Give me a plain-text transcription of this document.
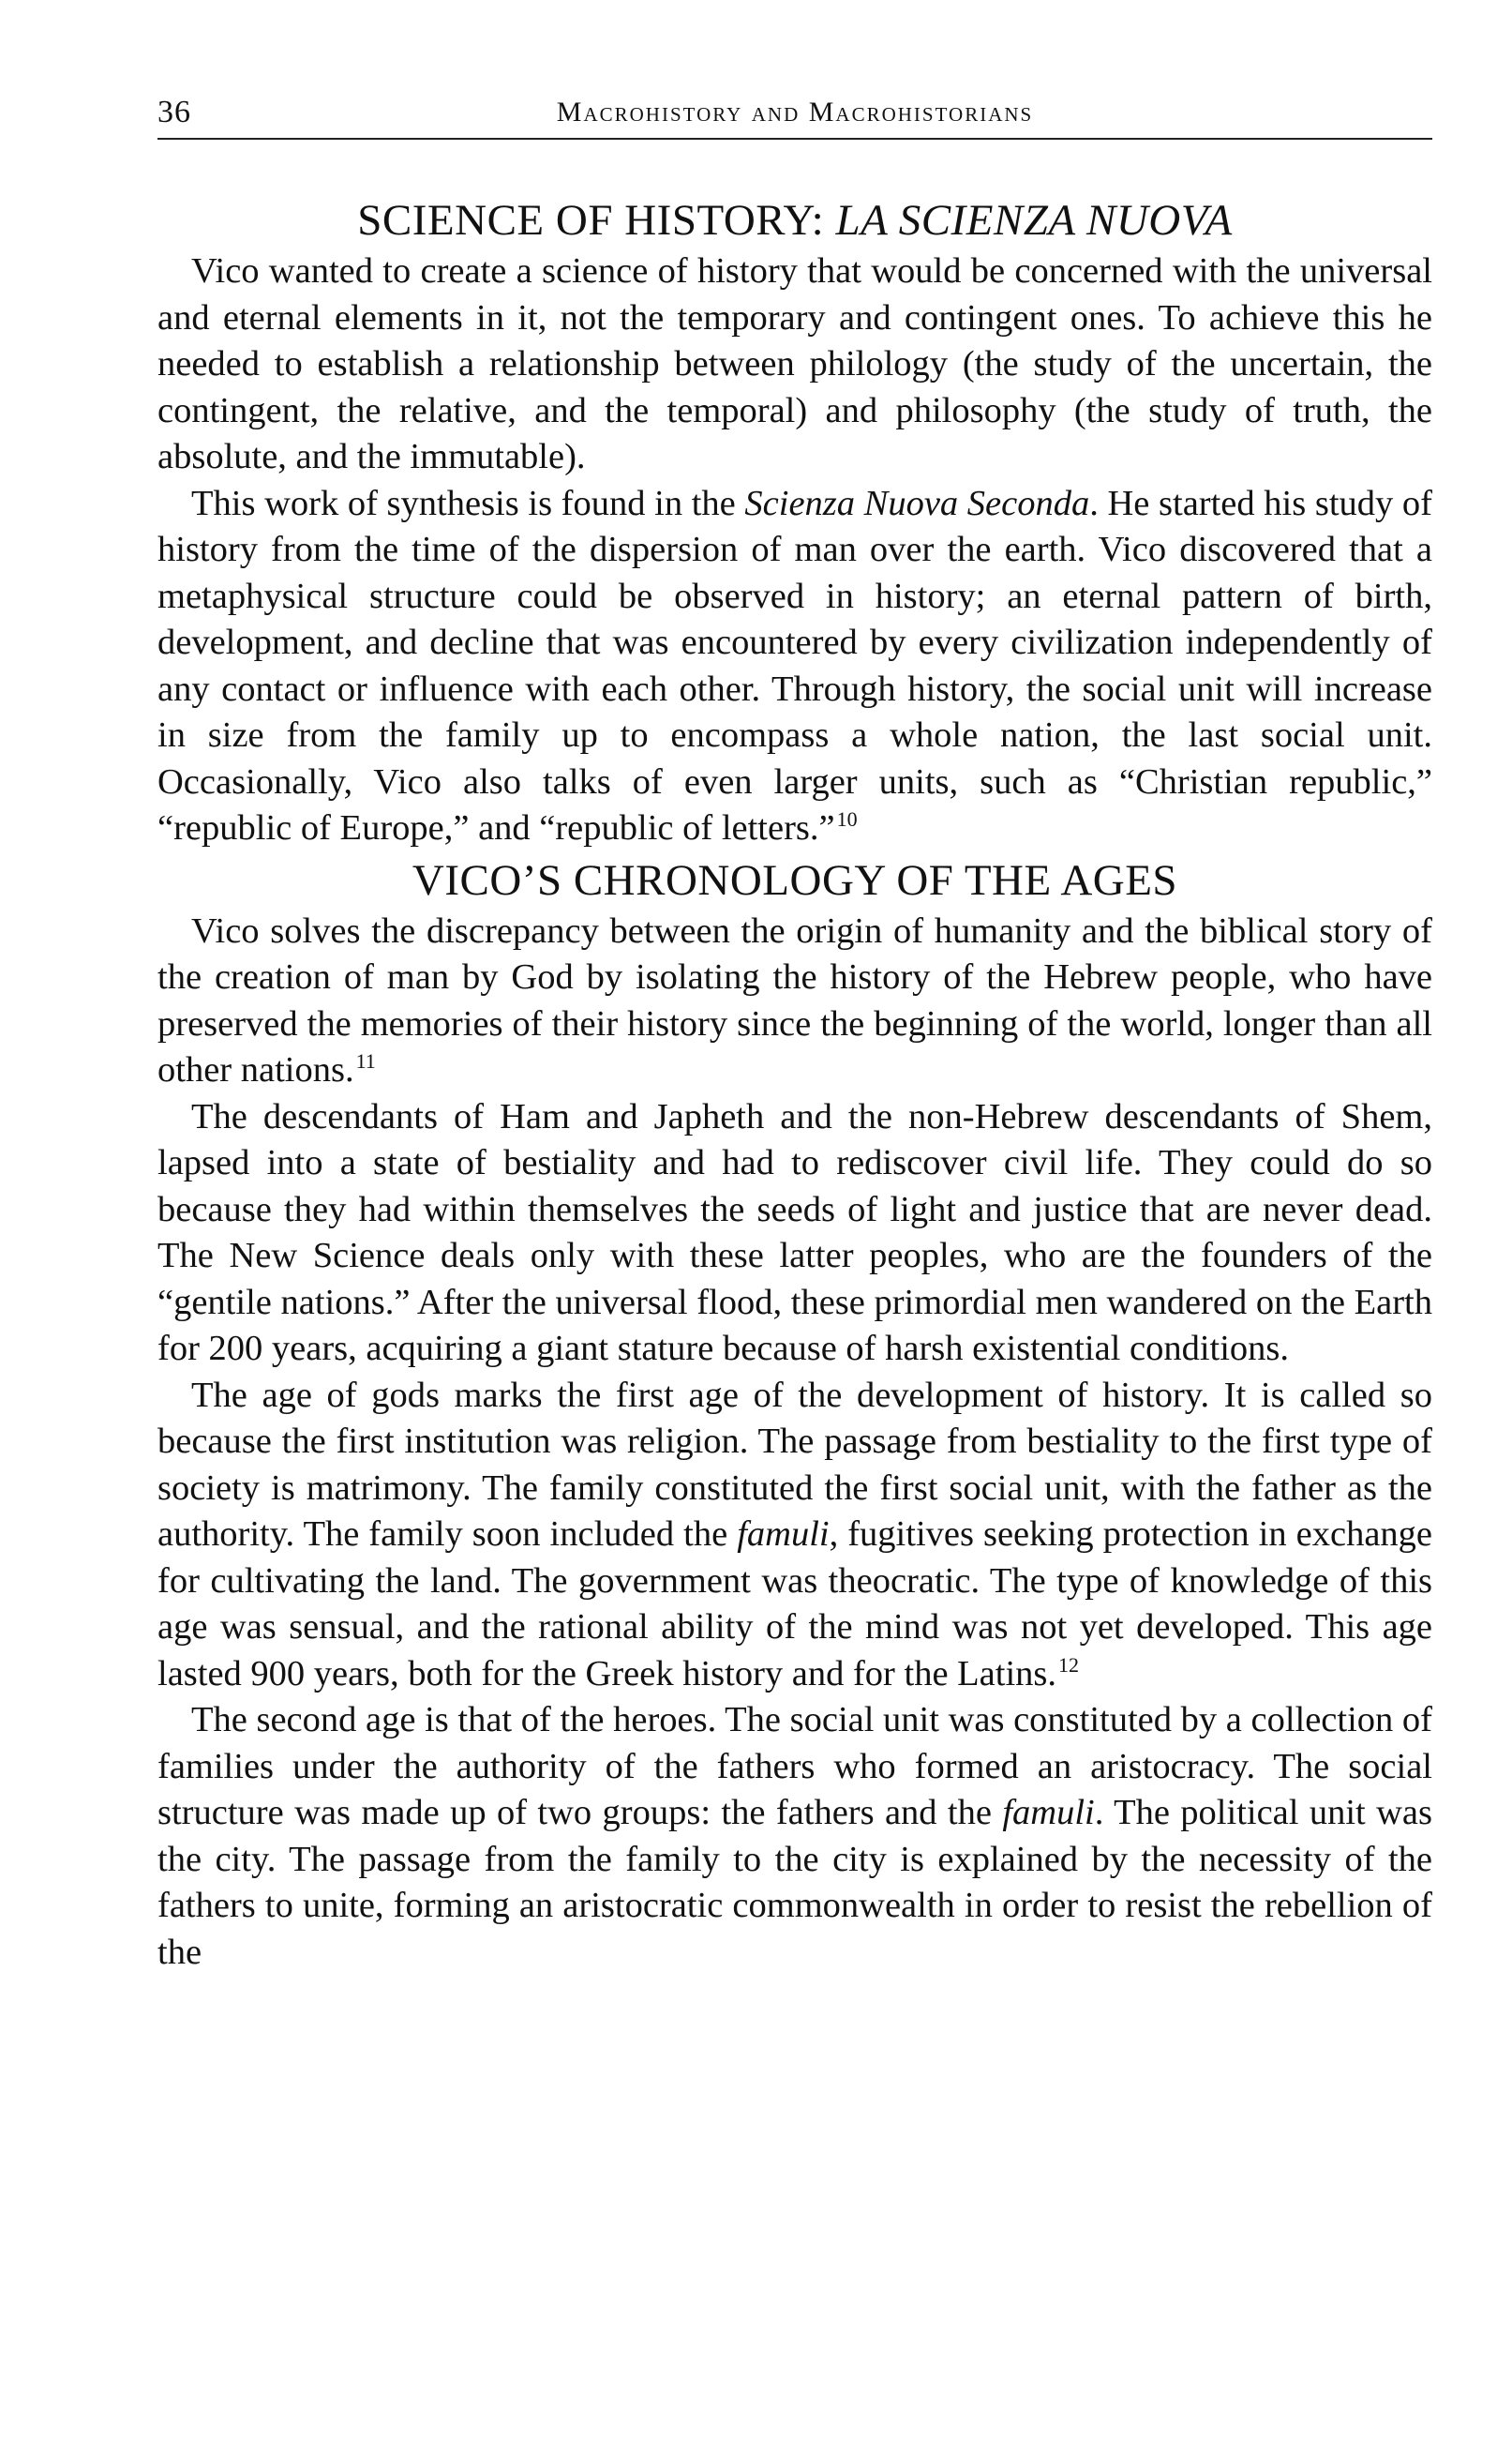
36	Macrohistory and Macrohistorians
SCIENCE OF HISTORY: LA SCIENZA NUOVA

Vico wanted to create a science of history that would be concerned with the universal and eternal elements in it, not the temporary and contingent ones. To achieve this he needed to establish a relationship between philology (the study of the uncertain, the contingent, the relative, and the temporal) and philosophy (the study of truth, the absolute, and the immutable).

This work of synthesis is found in the Scienza Nuova Seconda. He started his study of history from the time of the dispersion of man over the earth. Vico discovered that a metaphysical structure could be observed in history; an eternal pattern of birth, development, and decline that was encountered by every civilization independently of any contact or influence with each other. Through history, the social unit will increase in size from the family up to encompass a whole nation, the last social unit. Occasionally, Vico also talks of even larger units, such as “Christian republic,” “republic of Europe,” and “republic of letters.”$^{10}$

VICO’S CHRONOLOGY OF THE AGES

Vico solves the discrepancy between the origin of humanity and the biblical story of the creation of man by God by isolating the history of the Hebrew people, who have preserved the memories of their history since the beginning of the world, longer than all other nations.$^{11}$

The descendants of Ham and Japheth and the non-Hebrew descendants of Shem, lapsed into a state of bestiality and had to rediscover civil life. They could do so because they had within themselves the seeds of light and justice that are never dead. The New Science deals only with these latter peoples, who are the founders of the “gentile nations.” After the universal flood, these primordial men wandered on the Earth for 200 years, acquiring a giant stature because of harsh existential conditions.

The age of gods marks the first age of the development of history. It is called so because the first institution was religion. The passage from bestiality to the first type of society is matrimony. The family constituted the first social unit, with the father as the authority. The family soon included the famuli, fugitives seeking protection in exchange for cultivating the land. The government was theocratic. The type of knowledge of this age was sensual, and the rational ability of the mind was not yet developed. This age lasted 900 years, both for the Greek history and for the Latins.$^{12}$

The second age is that of the heroes. The social unit was constituted by a collection of families under the authority of the fathers who formed an aristocracy. The social structure was made up of two groups: the fathers and the famuli. The political unit was the city. The passage from the family to the city is explained by the necessity of the fathers to unite, forming an aristocratic commonwealth in order to resist the rebellion of the
